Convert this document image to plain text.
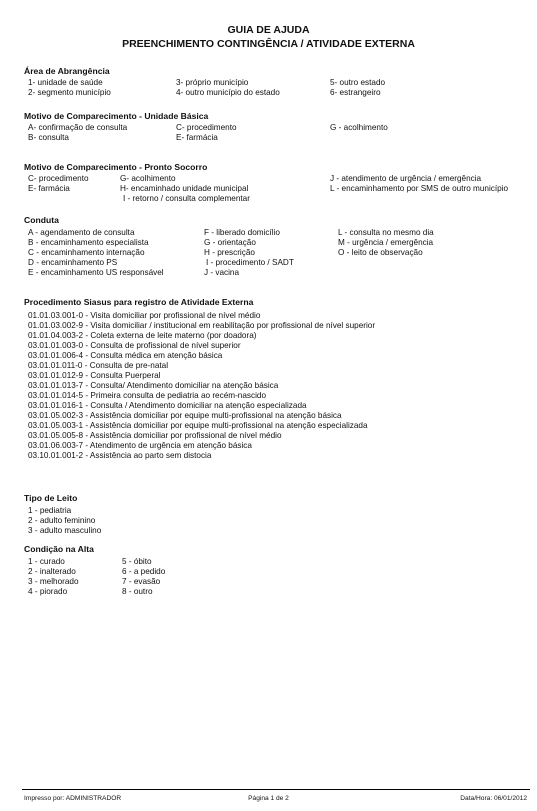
GUIA DE AJUDA
PREENCHIMENTO CONTINGÊNCIA / ATIVIDADE EXTERNA
Área de Abrangência
1- unidade de saúde
2- segmento município
3- próprio município
4- outro município do estado
5- outro estado
6- estrangeiro
Motivo de Comparecimento - Unidade Básica
A- confirmação de consulta
B- consulta
C- procedimento
E- farmácia
G - acolhimento
Motivo de Comparecimento - Pronto Socorro
C- procedimento
E- farmácia
G- acolhimento
H- encaminhado unidade municipal
I - retorno / consulta complementar
J - atendimento de urgência / emergência
L - encaminhamento por SMS de outro município
Conduta
A - agendamento de consulta
B - encaminhamento especialista
C - encaminhamento internação
D - encaminhamento PS
E - encaminhamento US responsável
F - liberado domicílio
G - orientação
H - prescrição
I - procedimento / SADT
J - vacina
L - consulta no mesmo dia
M - urgência / emergência
O - leito de observação
Procedimento Siasus para registro de Atividade Externa
01.01.03.001-0 - Visita domiciliar por profissional de nível médio
01.01.03.002-9 - Visita domiciliar / institucional em reabilitação por profissional de nível superior
01.01.04.003-2 - Coleta externa de leite materno (por doadora)
03.01.01.003-0 - Consulta de profissional de nível superior
03.01.01.006-4 - Consulta médica em atenção básica
03.01.01.011-0 - Consulta de pre-natal
03.01.01.012-9 - Consulta Puerperal
03.01.01.013-7 - Consulta/ Atendimento domiciliar na atenção básica
03.01.01.014-5 - Primeira consulta de pediatria ao recém-nascido
03.01.01.016-1 - Consulta / Atendimento domiciliar na atenção especializada
03.01.05.002-3 - Assistência domiciliar por equipe multi-profissional na atenção básica
03.01.05.003-1 - Assistência domiciliar por equipe multi-profissional na atenção especializada
03.01.05.005-8 - Assistência domiciliar por profissional de nível médio
03.01.06.003-7 - Atendimento de urgência em atenção básica
03.10.01.001-2 - Assistência ao parto sem distocia
Tipo de Leito
1 - pediatria
2 - adulto feminino
3 - adulto masculino
Condição na Alta
1 - curado
2 - inalterado
3 - melhorado
4 - piorado
5 - óbito
6 - a pedido
7 - evasão
8 - outro
Impresso por: ADMINISTRADOR	Página 1 de 2	Data/Hora: 06/01/2012
